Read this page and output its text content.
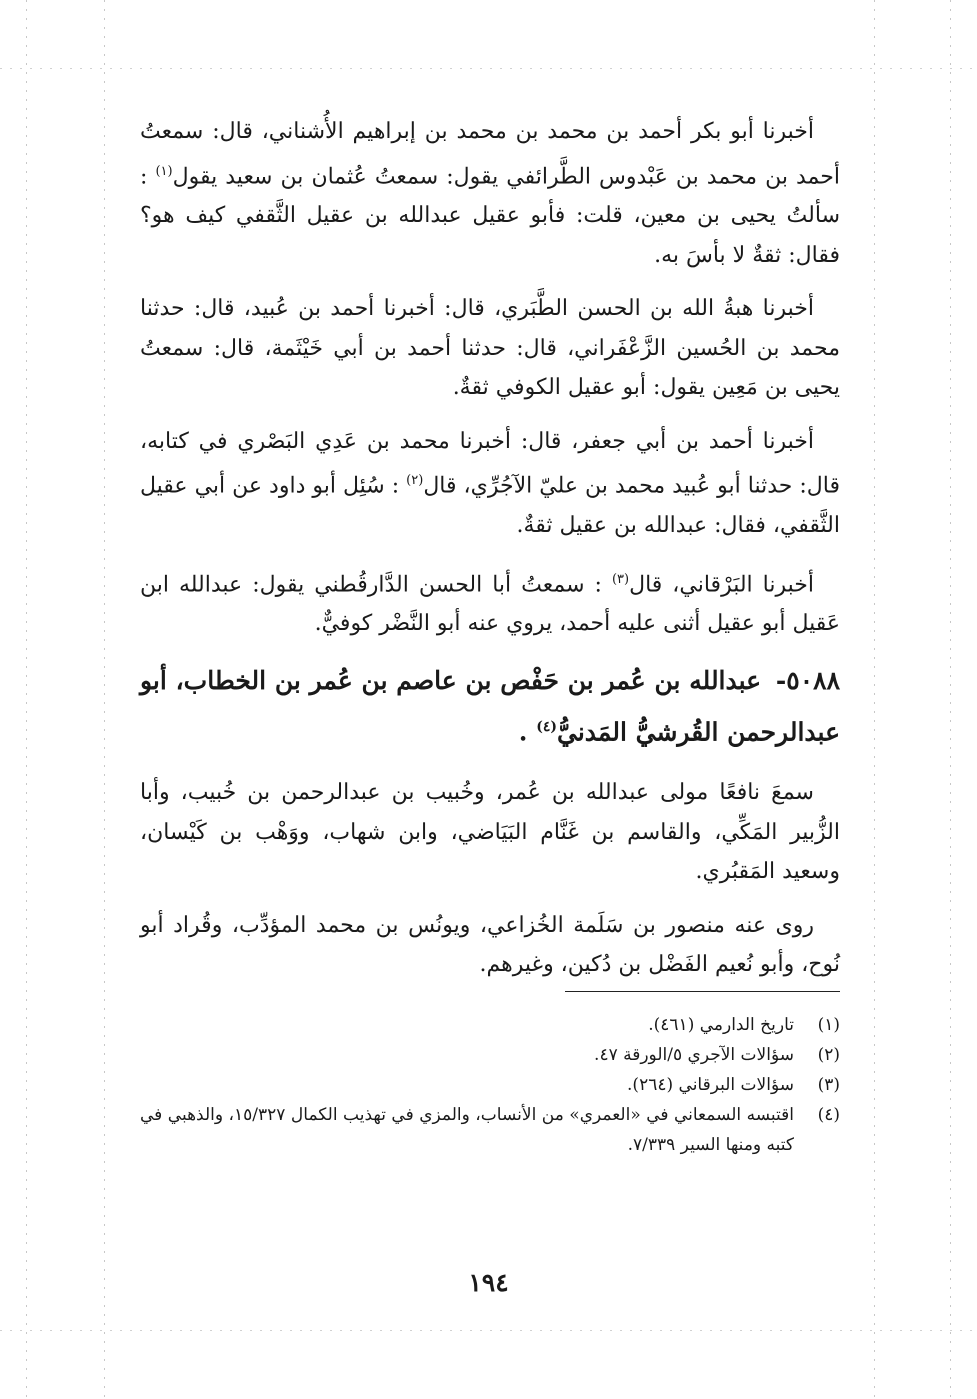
أخبرنا أبو بكر أحمد بن محمد بن محمد بن إبراهيم الأُشناني، قال: سمعتُ أحمد بن محمد بن عَبْدوس الطَّرائفي يقول: سمعتُ عُثمان بن سعيد يقول$^{(١)}$ : سألتُ يحيى بن معين، قلت: فأبو عقيل عبدالله بن عقيل الثَّقفي كيف هو؟ فقال: ثقةٌ لا بأسَ به.

أخبرنا هبةُ الله بن الحسن الطَّبَري، قال: أخبرنا أحمد بن عُبيد، قال: حدثنا محمد بن الحُسين الزَّعْفَراني، قال: حدثنا أحمد بن أبي خَيْثَمة، قال: سمعتُ يحيى بن مَعِين يقول: أبو عقيل الكوفي ثقةٌ.

أخبرنا أحمد بن أبي جعفر، قال: أخبرنا محمد بن عَدِي البَصْري في كتابه، قال: حدثنا أبو عُبيد محمد بن عليّ الآجُرِّي، قال$^{(٢)}$ : سُئِل أبو داود عن أبي عقيل الثَّقفي، فقال: عبدالله بن عقيل ثقةٌ.

أخبرنا البَرْقاني، قال$^{(٣)}$ : سمعتُ أبا الحسن الدَّارقُطني يقول: عبدالله ابن عَقيل أبو عقيل أثنى عليه أحمد، يروي عنه أبو النَّضْر كوفيٌّ.

٥٠٨٨- عبدالله بن عُمر بن حَفْص بن عاصم بن عُمر بن الخطاب، أبو عبدالرحمن القُرشيُّ المَدنيُّ$^{(٤)}$ .

سمعَ نافعًا مولى عبدالله بن عُمر، وخُبيب بن عبدالرحمن بن خُبيب، وأبا الزُّبير المَكِّي، والقاسم بن غَنَّام البَيَاضي، وابن شهاب، ووَهْب بن كَيْسان، وسعيد المَقبُري.

روى عنه منصور بن سَلَمة الخُزاعي، ويونُس بن محمد المؤدِّب، وقُراد أبو نُوح، وأبو نُعيم الفَضْل بن دُكين، وغيرهم.

(١)
تاريخ الدارمي (٤٦١).
(٢)
سؤالات الآجري ٥/الورقة ٤٧.
(٣)
سؤالات البرقاني (٢٦٤).
(٤)
اقتبسه السمعاني في «العمري» من الأنساب، والمزي في تهذيب الكمال ١٥/٣٢٧، والذهبي في كتبه ومنها السير ٧/٣٣٩.
١٩٤
